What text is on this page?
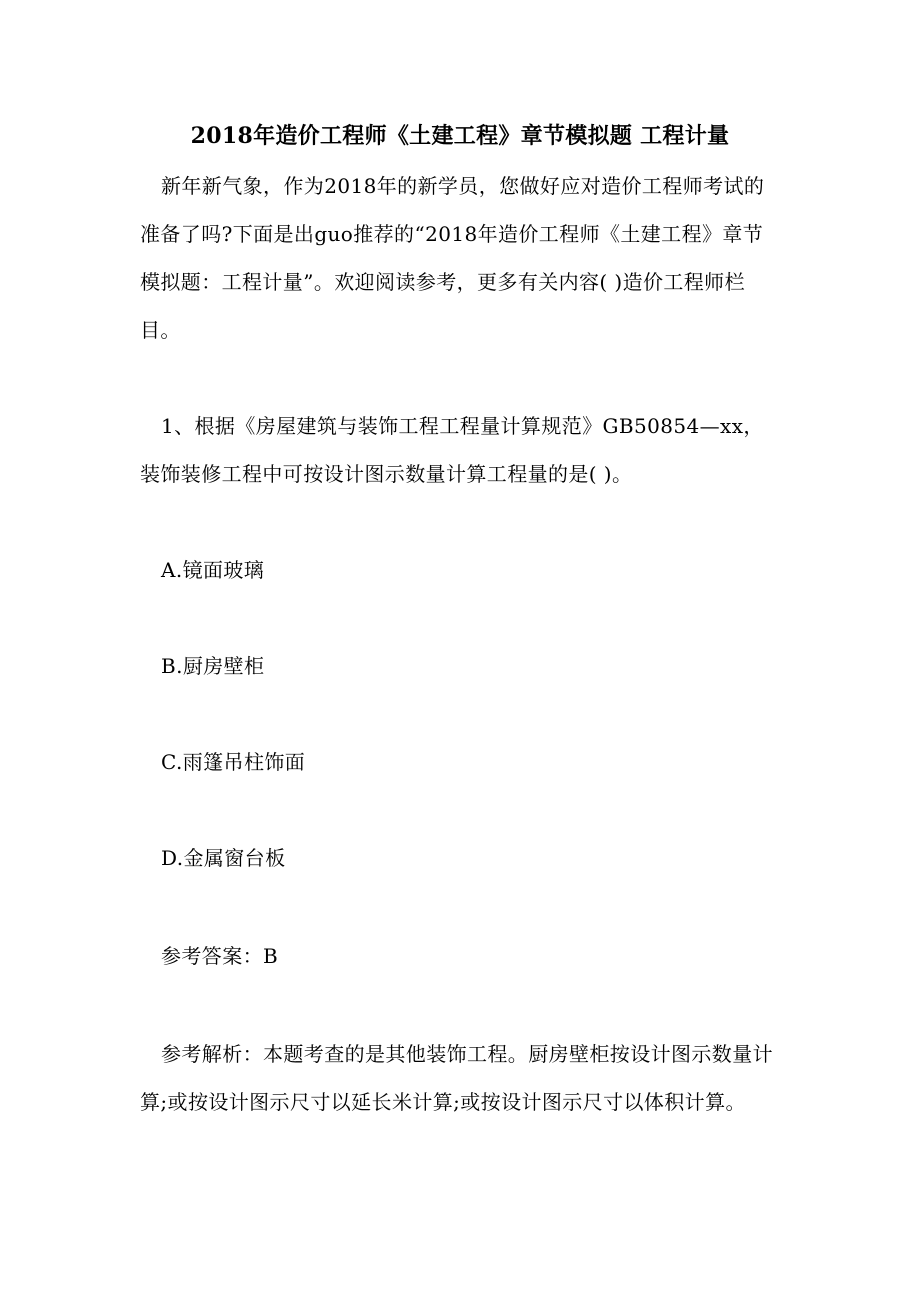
2018年造价工程师《土建工程》章节模拟题 工程计量
新年新气象，作为2018年的新学员，您做好应对造价工程师考试的准备了吗?下面是出guo推荐的“2018年造价工程师《土建工程》章节模拟题：工程计量”。欢迎阅读参考，更多有关内容( )造价工程师栏目。
1、根据《房屋建筑与装饰工程工程量计算规范》GB50854—xx，装饰装修工程中可按设计图示数量计算工程量的是( )。
A.镜面玻璃
B.厨房壁柜
C.雨篷吊柱饰面
D.金属窗台板
参考答案：B
参考解析：本题考查的是其他装饰工程。厨房壁柜按设计图示数量计算;或按设计图示尺寸以延长米计算;或按设计图示尺寸以体积计算。
